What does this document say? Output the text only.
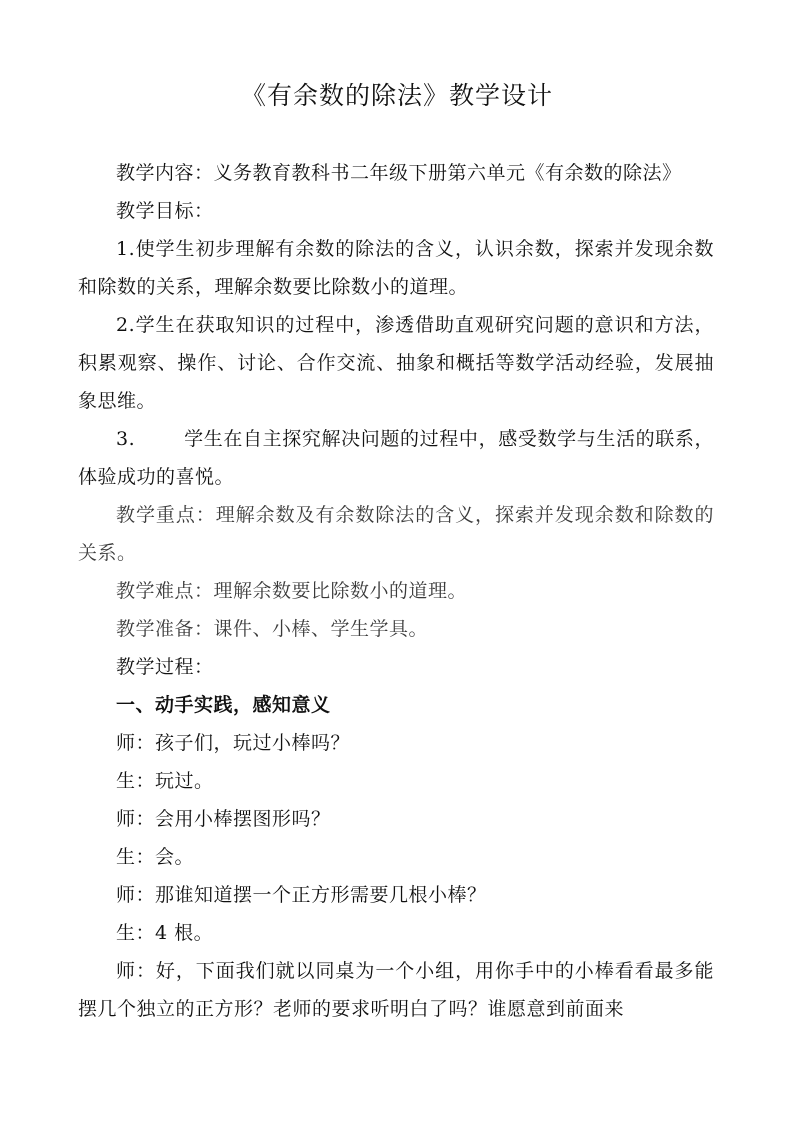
《有余数的除法》教学设计

教学内容：义务教育教科书二年级下册第六单元《有余数的除法》

教学目标：

1.使学生初步理解有余数的除法的含义，认识余数，探索并发现余数和除数的关系，理解余数要比除数小的道理。

2.学生在获取知识的过程中，渗透借助直观研究问题的意识和方法，积累观察、操作、讨论、合作交流、抽象和概括等数学活动经验，发展抽象思维。

3.	学生在自主探究解决问题的过程中，感受数学与生活的联系，体验成功的喜悦。

教学重点：理解余数及有余数除法的含义，探索并发现余数和除数的关系。

教学难点：理解余数要比除数小的道理。

教学准备：课件、小棒、学生学具。

教学过程：

一、动手实践，感知意义

师：孩子们，玩过小棒吗？

生：玩过。

师：会用小棒摆图形吗？

生：会。

师：那谁知道摆一个正方形需要几根小棒？

生：4 根。

师：好，下面我们就以同桌为一个小组，用你手中的小棒看看最多能摆几个独立的正方形？老师的要求听明白了吗？谁愿意到前面来
